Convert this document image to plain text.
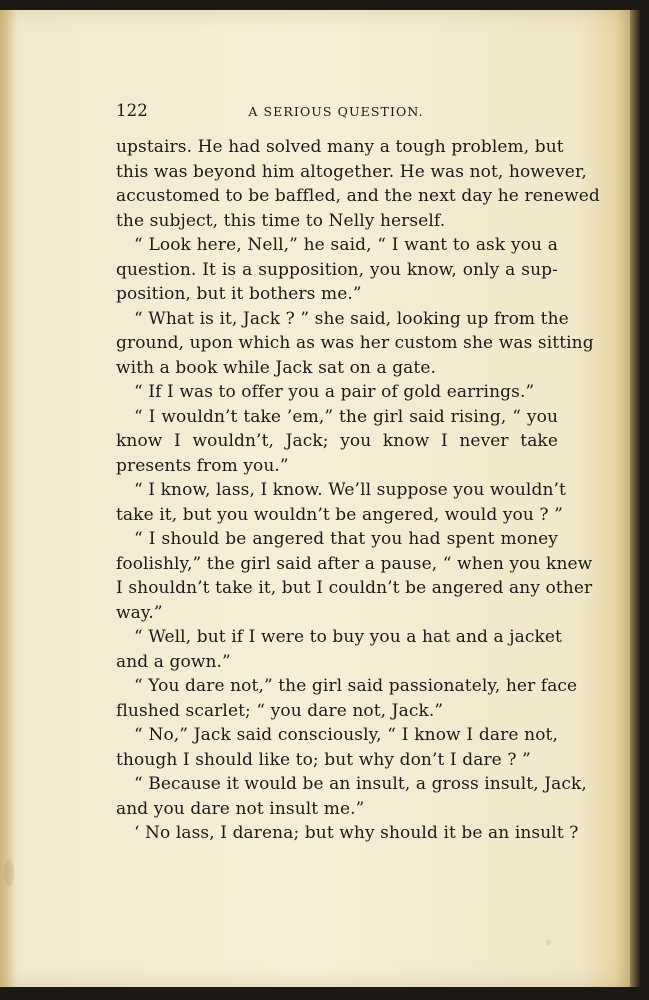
122	A SERIOUS QUESTION.
upstairs. He had solved many a tough problem, but
this was beyond him altogether. He was not, however,
accustomed to be baffled, and the next day he renewed
the subject, this time to Nelly herself.
“ Look here, Nell,” he said, “ I want to ask you a
question. It is a supposition, you know, only a sup-
position, but it bothers me.”
“ What is it, Jack ? ” she said, looking up from the
ground, upon which as was her custom she was sitting
with a book while Jack sat on a gate.
“ If I was to offer you a pair of gold earrings.”
“ I wouldn’t take ’em,” the girl said rising, “ you
know I wouldn’t, Jack; you know I never take
presents from you.”
“ I know, lass, I know. We’ll suppose you wouldn’t
take it, but you wouldn’t be angered, would you ? ”
“ I should be angered that you had spent money
foolishly,” the girl said after a pause, “ when you knew
I shouldn’t take it, but I couldn’t be angered any other
way.”
“ Well, but if I were to buy you a hat and a jacket
and a gown.”
“ You dare not,” the girl said passionately, her face
flushed scarlet; “ you dare not, Jack.”
“ No,” Jack said consciously, “ I know I dare not,
though I should like to; but why don’t I dare ? ”
“ Because it would be an insult, a gross insult, Jack,
and you dare not insult me.”
‘ No lass, I darena; but why should it be an insult ?
